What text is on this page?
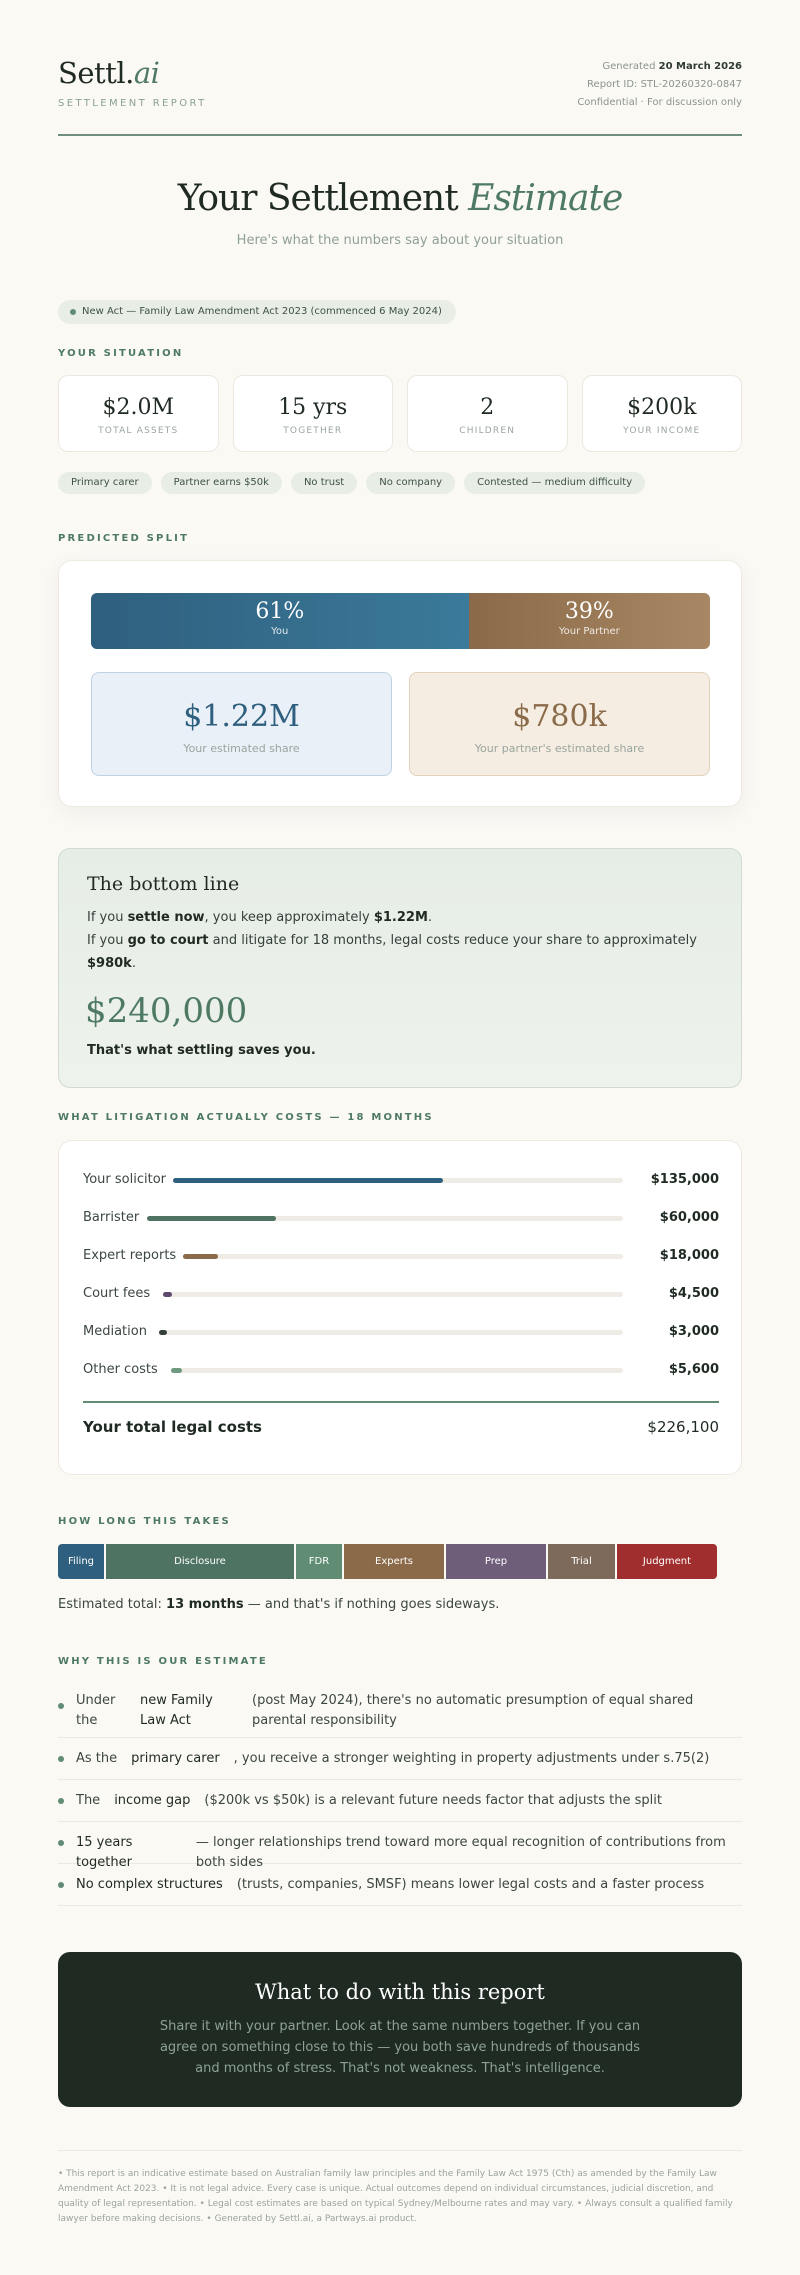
Settl.ai
SETTLEMENT REPORT
Generated 20 March 2026
Report ID: STL-20260320-0847
Confidential · For discussion only
Your Settlement Estimate
Here's what the numbers say about your situation
New Act — Family Law Amendment Act 2023 (commenced 6 May 2024)
YOUR SITUATION
$2.0M
TOTAL ASSETS
15 yrs
TOGETHER
2
CHILDREN
$200k
YOUR INCOME
Primary carer	Partner earns $50k	No trust	No company	Contested — medium difficulty
PREDICTED SPLIT
61%
You
39%
Your Partner
$1.22M
Your estimated share
$780k
Your partner's estimated share
The bottom line

If you settle now, you keep approximately $1.22M.

If you go to court and litigate for 18 months, legal costs reduce your share to approximately $980k.

$240,000
That's what settling saves you.
WHAT LITIGATION ACTUALLY COSTS — 18 MONTHS
Your total legal costs	$226,100
Your solicitor	$135,000
Barrister	$60,000
Expert reports	$18,000
Court fees	$4,500
Mediation	$3,000
Other costs	$5,600
HOW LONG THIS TAKES
Filing	Disclosure	FDR	Experts	Prep	Trial	Judgment
Estimated total: 13 months — and that's if nothing goes sideways.
WHY THIS IS OUR ESTIMATE
Under the
new Family Law Act
(post May 2024), there's no automatic presumption of equal shared parental responsibility
As the primary carer , you receive a stronger weighting in property adjustments under s.75(2)
The income gap ($200k vs $50k) is a relevant future needs factor that adjusts the split
15 years together
— longer relationships trend toward more equal recognition of contributions from both sides
No complex structures (trusts, companies, SMSF) means lower legal costs and a faster process
What to do with this report
Share it with your partner. Look at the same numbers together. If you can agree on something close to this — you both save hundreds of thousands and months of stress. That's not weakness. That's intelligence.
• This report is an indicative estimate based on Australian family law principles and the Family Law Act 1975 (Cth) as amended by the Family Law Amendment Act 2023. • It is not legal advice. Every case is unique. Actual outcomes depend on individual circumstances, judicial discretion, and quality of legal representation. • Legal cost estimates are based on typical Sydney/Melbourne rates and may vary. • Always consult a qualified family lawyer before making decisions. • Generated by Settl.ai, a Partways.ai product.
